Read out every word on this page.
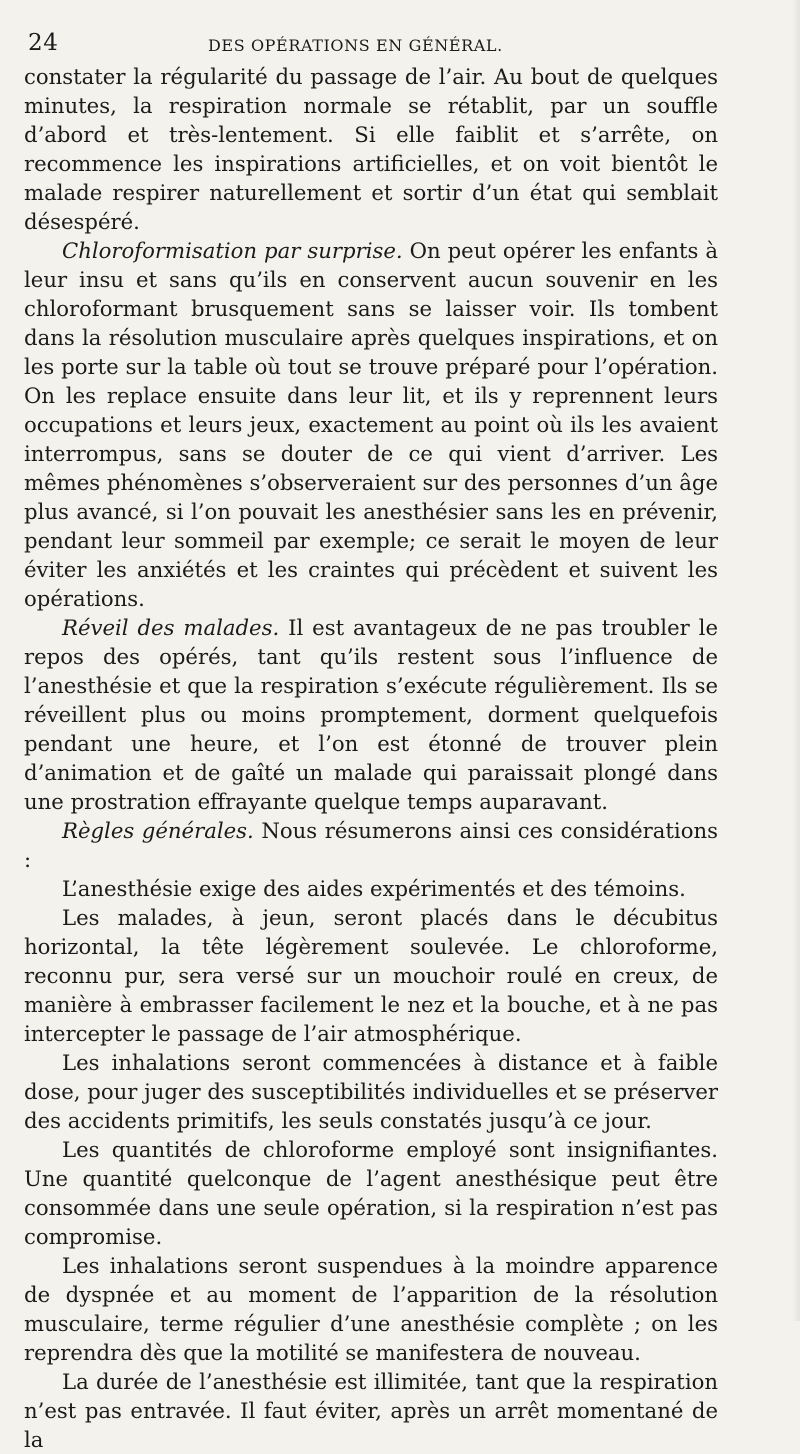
24	DES OPÉRATIONS EN GÉNÉRAL.

constater la régularité du passage de l’air. Au bout de quelques minutes, la respiration normale se rétablit, par un souffle d’abord et très-lentement. Si elle faiblit et s’arrête, on recommence les inspirations artificielles, et on voit bientôt le malade respirer naturellement et sortir d’un état qui semblait désespéré.

Chloroformisation par surprise. On peut opérer les enfants à leur insu et sans qu’ils en conservent aucun souvenir en les chloroformant brusquement sans se laisser voir. Ils tombent dans la résolution musculaire après quelques inspirations, et on les porte sur la table où tout se trouve préparé pour l’opération. On les replace ensuite dans leur lit, et ils y reprennent leurs occupations et leurs jeux, exactement au point où ils les avaient interrompus, sans se douter de ce qui vient d’arriver. Les mêmes phénomènes s’observeraient sur des personnes d’un âge plus avancé, si l’on pouvait les anesthésier sans les en prévenir, pendant leur sommeil par exemple; ce serait le moyen de leur éviter les anxiétés et les craintes qui précèdent et suivent les opérations.

Réveil des malades. Il est avantageux de ne pas troubler le repos des opérés, tant qu’ils restent sous l’influence de l’anesthésie et que la respiration s’exécute régulièrement. Ils se réveillent plus ou moins promptement, dorment quelquefois pendant une heure, et l’on est étonné de trouver plein d’animation et de gaîté un malade qui paraissait plongé dans une prostration effrayante quelque temps auparavant.

Règles générales. Nous résumerons ainsi ces considérations :

L’anesthésie exige des aides expérimentés et des témoins.

Les malades, à jeun, seront placés dans le décubitus horizontal, la tête légèrement soulevée. Le chloroforme, reconnu pur, sera versé sur un mouchoir roulé en creux, de manière à embrasser facilement le nez et la bouche, et à ne pas intercepter le passage de l’air atmosphérique.

Les inhalations seront commencées à distance et à faible dose, pour juger des susceptibilités individuelles et se préserver des accidents primitifs, les seuls constatés jusqu’à ce jour.

Les quantités de chloroforme employé sont insignifiantes. Une quantité quelconque de l’agent anesthésique peut être consommée dans une seule opération, si la respiration n’est pas compromise.

Les inhalations seront suspendues à la moindre apparence de dyspnée et au moment de l’apparition de la résolution musculaire, terme régulier d’une anesthésie complète ; on les reprendra dès que la motilité se manifestera de nouveau.

La durée de l’anesthésie est illimitée, tant que la respiration n’est pas entravée. Il faut éviter, après un arrêt momentané de la
